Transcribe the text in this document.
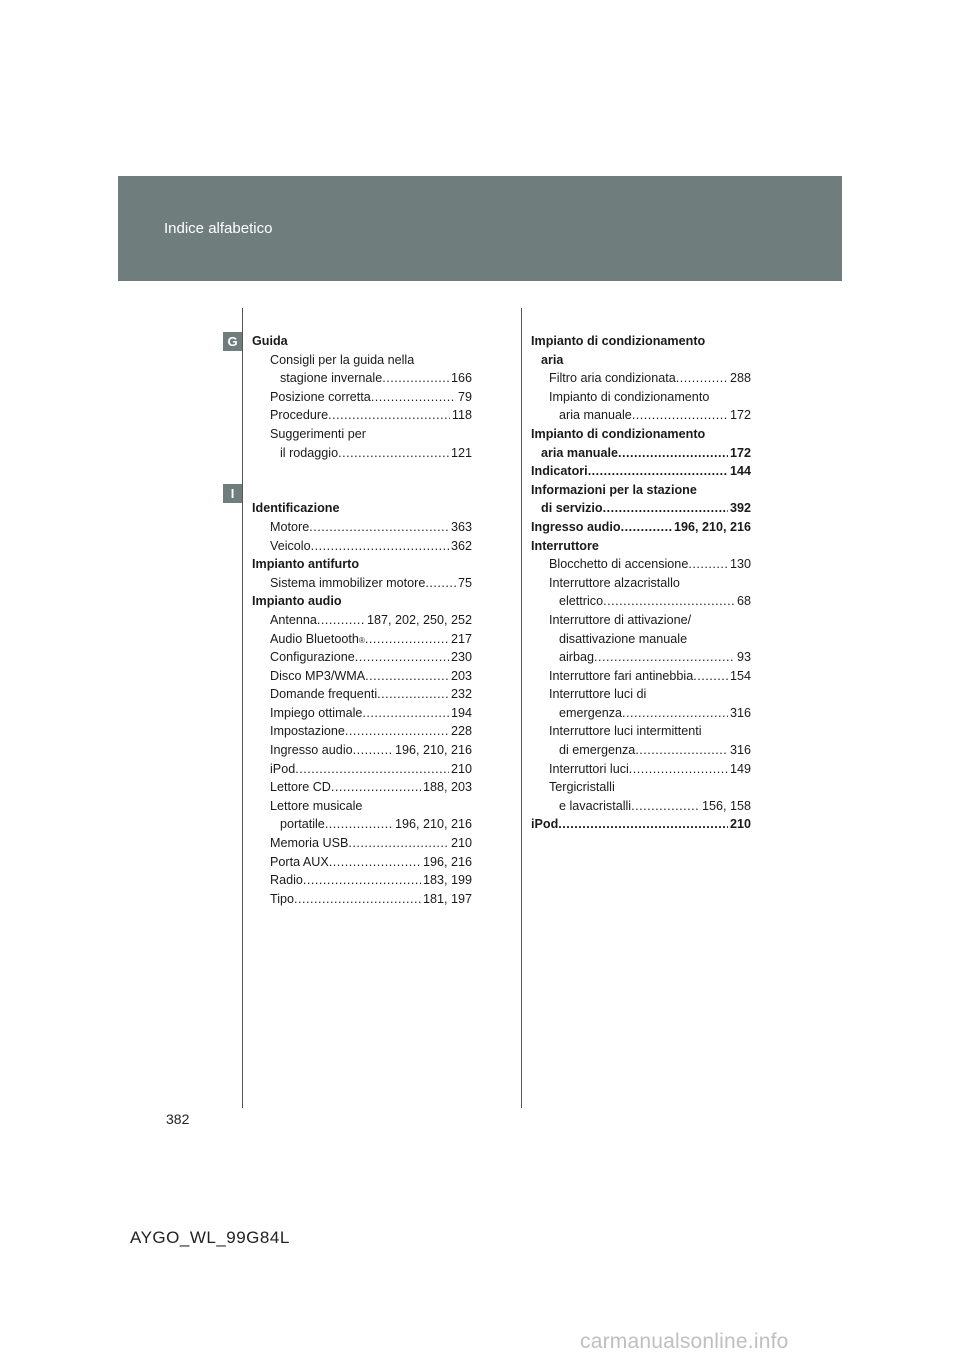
Indice alfabetico
G
I
Guida
Consigli per la guida nella
stagione invernale .....	166
Posizione corretta .....	79
Procedure .....	118
Suggerimenti per
il rodaggio .....	121
Identificazione
Motore .....	363
Veicolo .....	362
Impianto antifurto
Sistema immobilizer motore .....	75
Impianto audio
Antenna .....	187, 202, 250, 252
Audio Bluetooth ® .....	217
Configurazione .....	230
Disco MP3/WMA .....	203
Domande frequenti .....	232
Impiego ottimale .....	194
Impostazione .....	228
Ingresso audio .....	196, 210, 216
iPod .....	210
Lettore CD .....	188, 203
Lettore musicale
portatile .....	196, 210, 216
Memoria USB .....	210
Porta AUX .....	196, 216
Radio .....	183, 199
Tipo .....	181, 197
Impianto di condizionamento
aria
Filtro aria condizionata .....	288
Impianto di condizionamento
aria manuale .....	172
Impianto di condizionamento
aria manuale .....	172
Indicatori .....	144
Informazioni per la stazione
di servizio .....	392
Ingresso audio .....	196, 210, 216
Interruttore
Blocchetto di accensione .....	130
Interruttore alzacristallo
elettrico .....	68
Interruttore di attivazione/
disattivazione manuale
airbag .....	93
Interruttore fari antinebbia .....	154
Interruttore luci di
emergenza .....	316
Interruttore luci intermittenti
di emergenza .....	316
Interruttori luci .....	149
Tergicristalli
e lavacristalli .....	156, 158
iPod .....	210
382
AYGO_WL_99G84L
carmanualsonline.info
